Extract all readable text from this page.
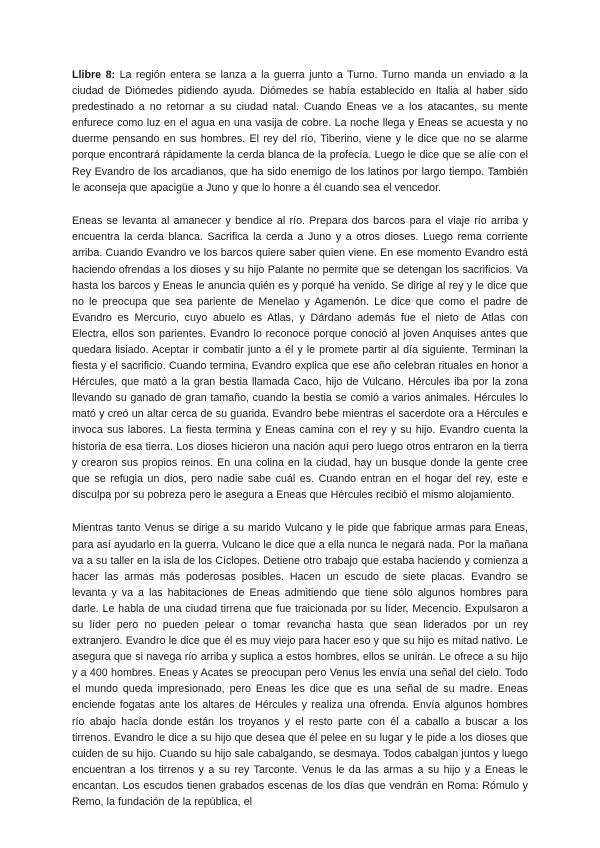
Llibre 8: La región entera se lanza a la guerra junto a Turno. Turno manda un enviado a la ciudad de Diómedes pidiendo ayuda. Diómedes se había establecido en Italia al haber sido predestinado a no retornar a su ciudad natal. Cuando Eneas ve a los atacantes, su mente enfurece como luz en el agua en una vasija de cobre. La noche llega y Eneas se acuesta y no duerme pensando en sus hombres. El rey del río, Tiberino, viene y le dice que no se alarme porque encontrará rápidamente la cerda blanca de la profecía. Luego le dice que se alíe con el Rey Evandro de los arcadianos, que ha sido enemigo de los latinos por largo tiempo. También le aconseja que apacigüe a Juno y que lo honre a él cuando sea el vencedor.

Eneas se levanta al amanecer y bendice al río. Prepara dos barcos para el viaje río arriba y encuentra la cerda blanca. Sacrifica la cerda a Juno y a otros dioses. Luego rema corriente arriba. Cuando Evandro ve los barcos quiere saber quien viene. En ese momento Evandro está haciendo ofrendas a los dioses y su hijo Palante no permite que se detengan los sacrificios. Va hasta los barcos y Eneas le anuncia quién es y porqué ha venido. Se dirige al rey y le dice que no le preocupa que sea pariente de Menelao y Agamenón. Le dice que como el padre de Evandro es Mercurio, cuyo abuelo es Atlas, y Dárdano además fue el nieto de Atlas con Electra, ellos son parientes. Evandro lo reconoce porque conoció al joven Anquises antes que quedara lisiado. Aceptar ir combatir junto a él y le promete partir al día siguiente. Terminan la fiesta y el sacrificio. Cuando termina, Evandro explica que ese año celebran rituales en honor a Hércules, que mató a la gran bestia llamada Caco, hijo de Vulcano. Hércules iba por la zona llevando su ganado de gran tamaño, cuando la bestia se comió a varios animales. Hércules lo mató y creó un altar cerca de su guarida. Evandro bebe mientras el sacerdote ora a Hércules e invoca sus labores. La fiesta termina y Eneas camina con el rey y su hijo. Evandro cuenta la historia de esa tierra. Los dioses hicieron una nación aquí pero luego otros entraron en la tierra y crearon sus propios reinos. En una colina en la ciudad, hay un busque donde la gente cree que se refugia un dios, pero nadie sabe cuál es. Cuando entran en el hogar del rey, este e disculpa por su pobreza pero le asegura a Eneas que Hércules recibió el mismo alojamiento.

Mientras tanto Venus se dirige a su marido Vulcano y le pide que fabrique armas para Eneas, para así ayudarlo en la guerra. Vulcano le dice que a ella nunca le negará nada. Por la mañana va a su taller en la isla de los Cíclopes. Detiene otro trabajo que estaba haciendo y comienza a hacer las armas más poderosas posibles. Hacen un escudo de siete placas. Evandro se levanta y va a las habitaciones de Eneas admitiendo que tiene sólo algunos hombres para darle. Le habla de una ciudad tirrena que fue traicionada por su líder, Mecencio. Expulsaron a su líder pero no pueden pelear o tomar revancha hasta que sean liderados por un rey extranjero. Evandro le dice que él es muy viejo para hacer eso y que su hijo es mitad nativo. Le asegura que si navega río arriba y suplica a estos hombres, ellos se unirán. Le ofrece a su hijo y a 400 hombres. Eneas y Acates se preocupan pero Venus les envía una señal del cielo. Todo el mundo queda impresionado, pero Eneas les dice que es una señal de su madre. Eneas enciende fogatas ante los altares de Hércules y realiza una ofrenda. Envía algunos hombres río abajo hacía donde están los troyanos y el resto parte con él a caballo a buscar a los tirrenos. Evandro le dice a su hijo que desea que él pelee en su lugar y le pide a los dioses que cuiden de su hijo. Cuando su hijo sale cabalgando, se desmaya. Todos cabalgan juntos y luego encuentran a los tirrenos y a su rey Tarconte. Venus le da las armas a su hijo y a Eneas le encantan. Los escudos tienen grabados escenas de los días que vendrán en Roma: Rómulo y Remo, la fundación de la república, el
